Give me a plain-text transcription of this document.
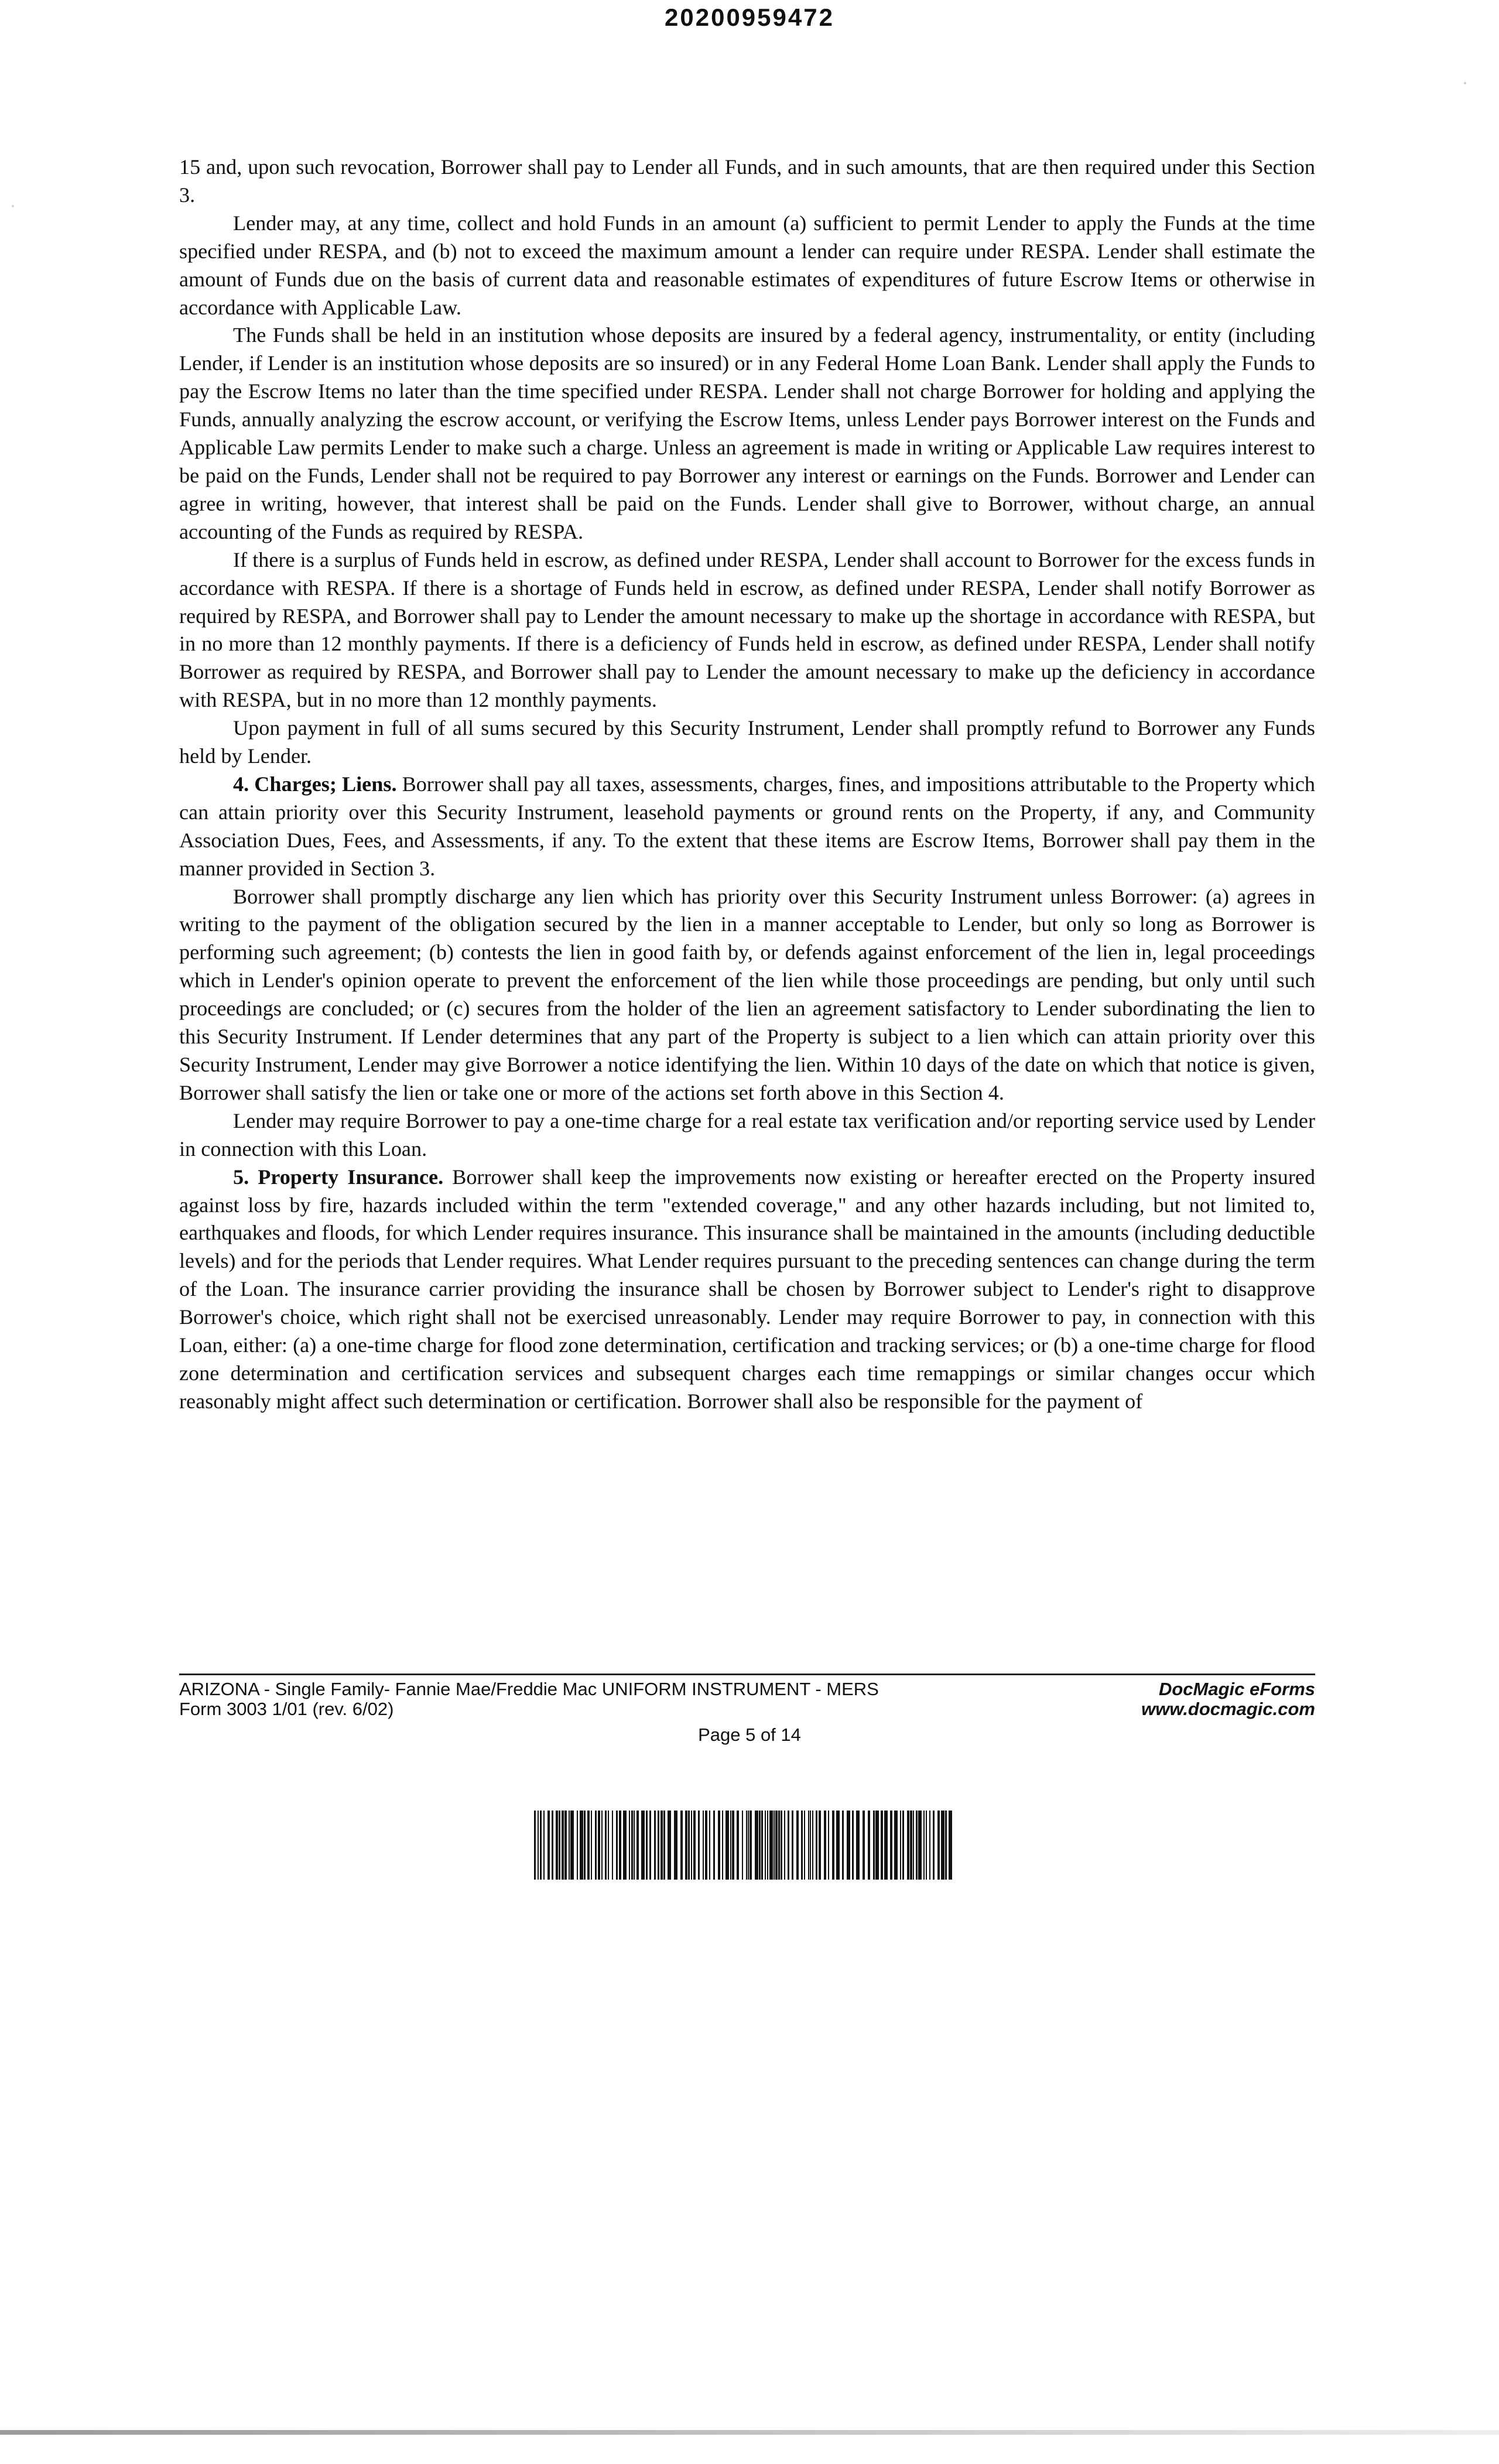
20200959472

15 and, upon such revocation, Borrower shall pay to Lender all Funds, and in such amounts, that are then required under this Section 3.

Lender may, at any time, collect and hold Funds in an amount (a) sufficient to permit Lender to apply the Funds at the time specified under RESPA, and (b) not to exceed the maximum amount a lender can require under RESPA. Lender shall estimate the amount of Funds due on the basis of current data and reasonable estimates of expenditures of future Escrow Items or otherwise in accordance with Applicable Law.

The Funds shall be held in an institution whose deposits are insured by a federal agency, instrumentality, or entity (including Lender, if Lender is an institution whose deposits are so insured) or in any Federal Home Loan Bank. Lender shall apply the Funds to pay the Escrow Items no later than the time specified under RESPA. Lender shall not charge Borrower for holding and applying the Funds, annually analyzing the escrow account, or verifying the Escrow Items, unless Lender pays Borrower interest on the Funds and Applicable Law permits Lender to make such a charge. Unless an agreement is made in writing or Applicable Law requires interest to be paid on the Funds, Lender shall not be required to pay Borrower any interest or earnings on the Funds. Borrower and Lender can agree in writing, however, that interest shall be paid on the Funds. Lender shall give to Borrower, without charge, an annual accounting of the Funds as required by RESPA.

If there is a surplus of Funds held in escrow, as defined under RESPA, Lender shall account to Borrower for the excess funds in accordance with RESPA. If there is a shortage of Funds held in escrow, as defined under RESPA, Lender shall notify Borrower as required by RESPA, and Borrower shall pay to Lender the amount necessary to make up the shortage in accordance with RESPA, but in no more than 12 monthly payments. If there is a deficiency of Funds held in escrow, as defined under RESPA, Lender shall notify Borrower as required by RESPA, and Borrower shall pay to Lender the amount necessary to make up the deficiency in accordance with RESPA, but in no more than 12 monthly payments.

Upon payment in full of all sums secured by this Security Instrument, Lender shall promptly refund to Borrower any Funds held by Lender.

4. Charges; Liens. Borrower shall pay all taxes, assessments, charges, fines, and impositions attributable to the Property which can attain priority over this Security Instrument, leasehold payments or ground rents on the Property, if any, and Community Association Dues, Fees, and Assessments, if any. To the extent that these items are Escrow Items, Borrower shall pay them in the manner provided in Section 3.

Borrower shall promptly discharge any lien which has priority over this Security Instrument unless Borrower: (a) agrees in writing to the payment of the obligation secured by the lien in a manner acceptable to Lender, but only so long as Borrower is performing such agreement; (b) contests the lien in good faith by, or defends against enforcement of the lien in, legal proceedings which in Lender's opinion operate to prevent the enforcement of the lien while those proceedings are pending, but only until such proceedings are concluded; or (c) secures from the holder of the lien an agreement satisfactory to Lender subordinating the lien to this Security Instrument. If Lender determines that any part of the Property is subject to a lien which can attain priority over this Security Instrument, Lender may give Borrower a notice identifying the lien. Within 10 days of the date on which that notice is given, Borrower shall satisfy the lien or take one or more of the actions set forth above in this Section 4.

Lender may require Borrower to pay a one-time charge for a real estate tax verification and/or reporting service used by Lender in connection with this Loan.

5. Property Insurance. Borrower shall keep the improvements now existing or hereafter erected on the Property insured against loss by fire, hazards included within the term "extended coverage," and any other hazards including, but not limited to, earthquakes and floods, for which Lender requires insurance. This insurance shall be maintained in the amounts (including deductible levels) and for the periods that Lender requires. What Lender requires pursuant to the preceding sentences can change during the term of the Loan. The insurance carrier providing the insurance shall be chosen by Borrower subject to Lender's right to disapprove Borrower's choice, which right shall not be exercised unreasonably. Lender may require Borrower to pay, in connection with this Loan, either: (a) a one-time charge for flood zone determination, certification and tracking services; or (b) a one-time charge for flood zone determination and certification services and subsequent charges each time remappings or similar changes occur which reasonably might affect such determination or certification. Borrower shall also be responsible for the payment of

ARIZONA - Single Family- Fannie Mae/Freddie Mac UNIFORM INSTRUMENT - MERS
Form 3003 1/01 (rev. 6/02)
DocMagic eForms
www.docmagic.com
Page 5 of 14
